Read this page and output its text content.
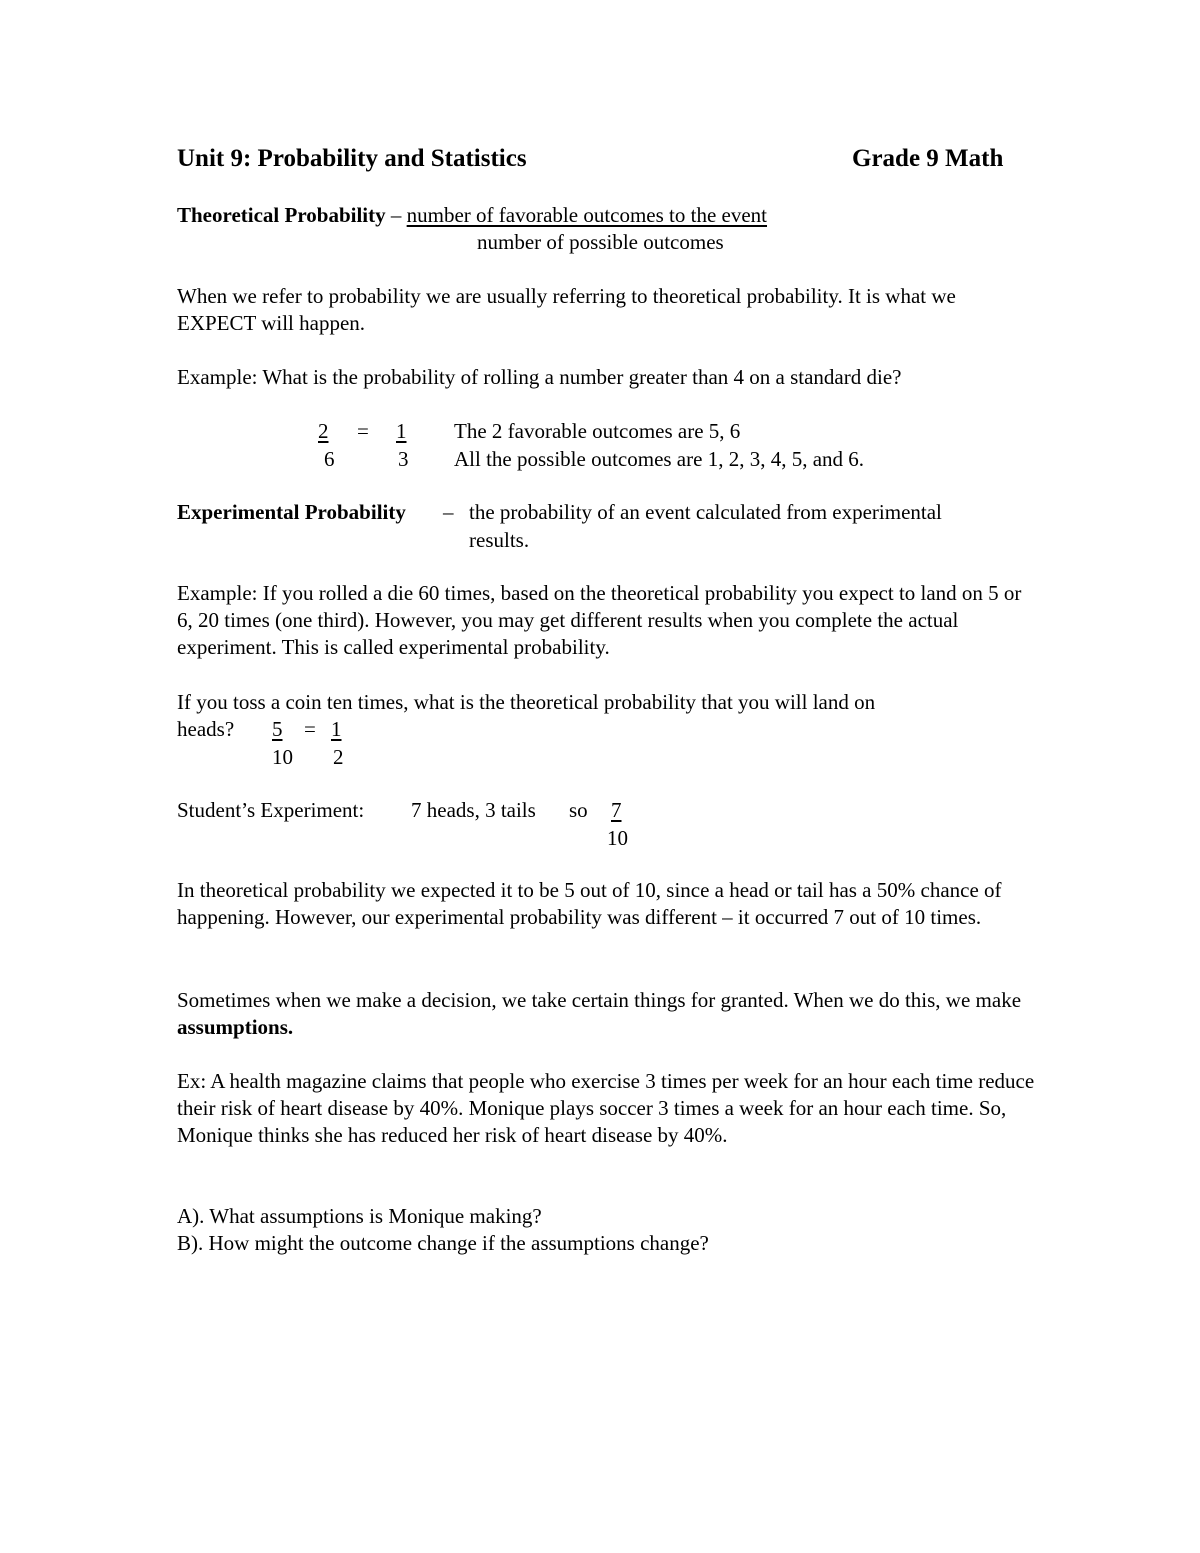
Unit 9: Probability and Statistics	Grade 9 Math
Theoretical Probability – number of favorable outcomes to the event
number of possible outcomes

When we refer to probability we are usually referring to theoretical probability. It is what we EXPECT will happen.

Example: What is the probability of rolling a number greater than 4 on a standard die?
2
6
= 1
3
The 2 favorable outcomes are 5, 6
All the possible outcomes are 1, 2, 3, 4, 5, and 6.
Experimental Probability – the probability of an event calculated from experimental
results.

Example: If you rolled a die 60 times, based on the theoretical probability you expect to land on 5 or 6, 20 times (one third). However, you may get different results when you complete the actual experiment. This is called experimental probability.

If you toss a coin ten times, what is the theoretical probability that you will land on
heads? 5
10
= 1
2
Student’s Experiment: 7 heads, 3 tails so 7
10

In theoretical probability we expected it to be 5 out of 10, since a head or tail has a 50% chance of happening. However, our experimental probability was different – it occurred 7 out of 10 times.

Sometimes when we make a decision, we take certain things for granted. When we do this, we make assumptions.

Ex: A health magazine claims that people who exercise 3 times per week for an hour each time reduce their risk of heart disease by 40%. Monique plays soccer 3 times a week for an hour each time. So, Monique thinks she has reduced her risk of heart disease by 40%.

A). What assumptions is Monique making?
B). How might the outcome change if the assumptions change?
